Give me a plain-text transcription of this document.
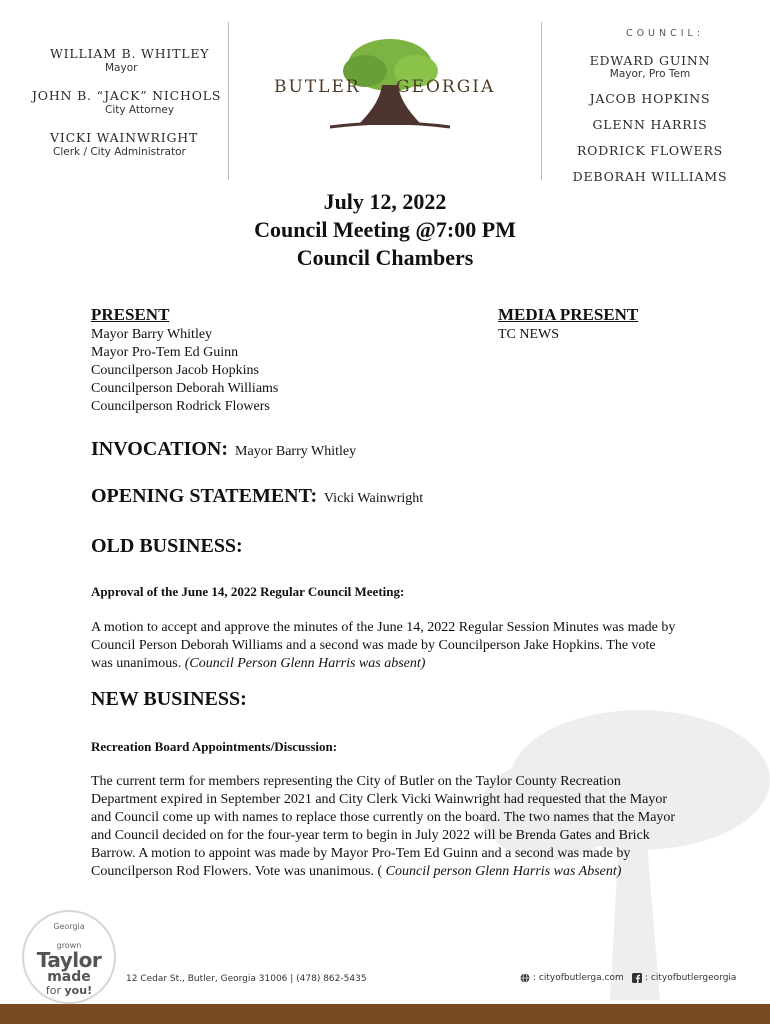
WILLIAM B. WHITLEY
Mayor
JOHN B. “JACK” NICHOLS
City Attorney
VICKI WAINWRIGHT
Clerk / City Administrator
BUTLER GEORGIA
COUNCIL:
EDWARD GUINN
Mayor, Pro Tem
JACOB HOPKINS
GLENN HARRIS
RODRICK FLOWERS
DEBORAH WILLIAMS
July 12, 2022
Council Meeting @7:00 PM
Council Chambers
PRESENT
Mayor Barry Whitley
Mayor Pro-Tem Ed Guinn
Councilperson Jacob Hopkins
Councilperson Deborah Williams
Councilperson Rodrick Flowers
MEDIA PRESENT
TC NEWS
INVOCATION: Mayor Barry Whitley
OPENING STATEMENT: Vicki Wainwright
OLD BUSINESS:
Approval of the June 14, 2022 Regular Council Meeting:
A motion to accept and approve the minutes of the June 14, 2022 Regular Session Minutes was made by Council Person Deborah Williams and a second was made by Councilperson Jake Hopkins. The vote was unanimous. (Council Person Glenn Harris was absent)
NEW BUSINESS:
Recreation Board Appointments/Discussion:
The current term for members representing the City of Butler on the Taylor County Recreation Department expired in September 2021 and City Clerk Vicki Wainwright had requested that the Mayor and Council come up with names to replace those currently on the board. The two names that the Mayor and Council decided on for the four-year term to begin in July 2022 will be Brenda Gates and Brick Barrow. A motion to appoint was made by Mayor Pro-Tem Ed Guinn and a second was made by Councilperson Rod Flowers. Vote was unanimous. ( Council person Glenn Harris was Absent)
Georgia
grown
Taylor
made
for you!
12 Cedar St., Butler, Georgia 31006 | (478) 862-5435	: cityofbutlerga.com : cityofbutlergeorgia
